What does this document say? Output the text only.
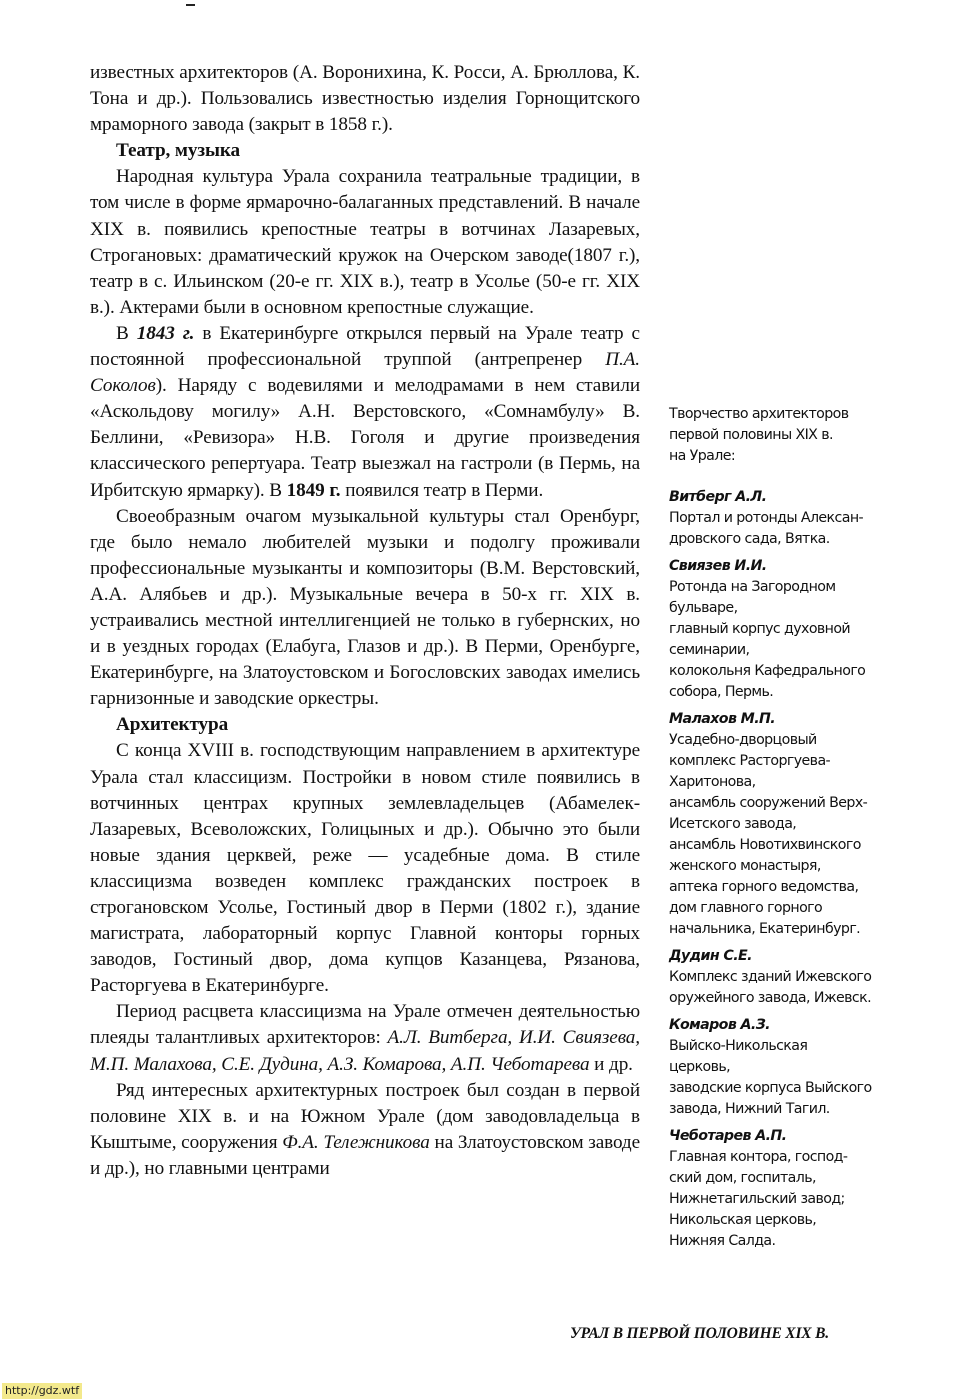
известных архитекторов (А. Воронихина, К. Росси, А. Брюллова, К. Тона и др.). Пользовались известностью изделия Горнощитского мраморного завода (закрыт в 1858 г.).

Театр, музыка

Народная культура Урала сохранила театральные традиции, в том числе в форме ярмарочно-балаганных представлений. В начале XIX в. появились крепостные театры в вотчинах Лазаревых, Строгановых: драматический кружок на Очерском заводе(1807 г.), театр в с. Ильинском (20-е гг. XIX в.), театр в Усолье (50-е гг. XIX в.). Актерами были в основном крепостные служащие.

В 1843 г. в Екатеринбурге открылся первый на Урале театр с постоянной профессиональной труппой (антрепренер П.А. Соколов). Наряду с водевилями и мелодрамами в нем ставили «Аскольдову могилу» А.Н. Верстовского, «Сомнамбулу» В. Беллини, «Ревизора» Н.В. Гоголя и другие произведения классического репертуара. Театр выезжал на гастроли (в Пермь, на Ирбитскую ярмарку). В 1849 г. появился театр в Перми.

Своеобразным очагом музыкальной культуры стал Оренбург, где было немало любителей музыки и подолгу проживали профессиональные музыканты и композиторы (В.М. Верстовский, А.А. Алябьев и др.). Музыкальные вечера в 50-х гг. XIX в. устраивались местной интеллигенцией не только в губернских, но и в уездных городах (Елабуга, Глазов и др.). В Перми, Оренбурге, Екатеринбурге, на Златоустовском и Богословских заводах имелись гарнизонные и заводские оркестры.

Архитектура

С конца XVIII в. господствующим направлением в архитектуре Урала стал классицизм. Постройки в новом стиле появились в вотчинных центрах крупных землевладельцев (Абамелек-Лазаревых, Всеволожских, Голицыных и др.). Обычно это были новые здания церквей, реже — усадебные дома. В стиле классицизма возведен комплекс гражданских построек в строгановском Усолье, Гостиный двор в Перми (1802 г.), здание магистрата, лабораторный корпус Главной конторы горных заводов, Гостиный двор, дома купцов Казанцева, Рязанова, Расторгуева в Екатеринбурге.

Период расцвета классицизма на Урале отмечен деятельностью плеяды талантливых архитекторов: А.Л. Витберга, И.И. Свиязева, М.П. Малахова, С.Е. Дудина, А.З. Комарова, А.П. Чеботарева и др.

Ряд интересных архитектурных построек был создан в первой половине XIX в. и на Южном Урале (дом заводовладельца в Кыштыме, сооружения Ф.А. Тележникова на Златоустовском заводе и др.), но главными центрами

Творчество архитекторов
первой половины XIX в.
на Урале:
Витберг А.Л.
Портал и ротонды Алексан-
дровского сада, Вятка.
Свиязев И.И.
Ротонда на Загородном
бульваре,
главный корпус духовной
семинарии,
колокольня Кафедрального
собора, Пермь.
Малахов М.П.
Усадебно-дворцовый
комплекс Расторгуева-
Харитонова,
ансамбль сооружений Верх-
Исетского завода,
ансамбль Новотихвинского
женского монастыря,
аптека горного ведомства,
дом главного горного
начальника, Екатеринбург.
Дудин С.Е.
Комплекс зданий Ижевского
оружейного завода, Ижевск.
Комаров А.З.
Выйско-Никольская
церковь,
заводские корпуса Выйского
завода, Нижний Тагил.
Чеботарев А.П.
Главная контора, господ-
ский дом, госпиталь,
Нижнетагильский завод;
Никольская церковь,
Нижняя Салда.
УРАЛ В ПЕРВОЙ ПОЛОВИНЕ XIX В.
http://gdz.wtf
